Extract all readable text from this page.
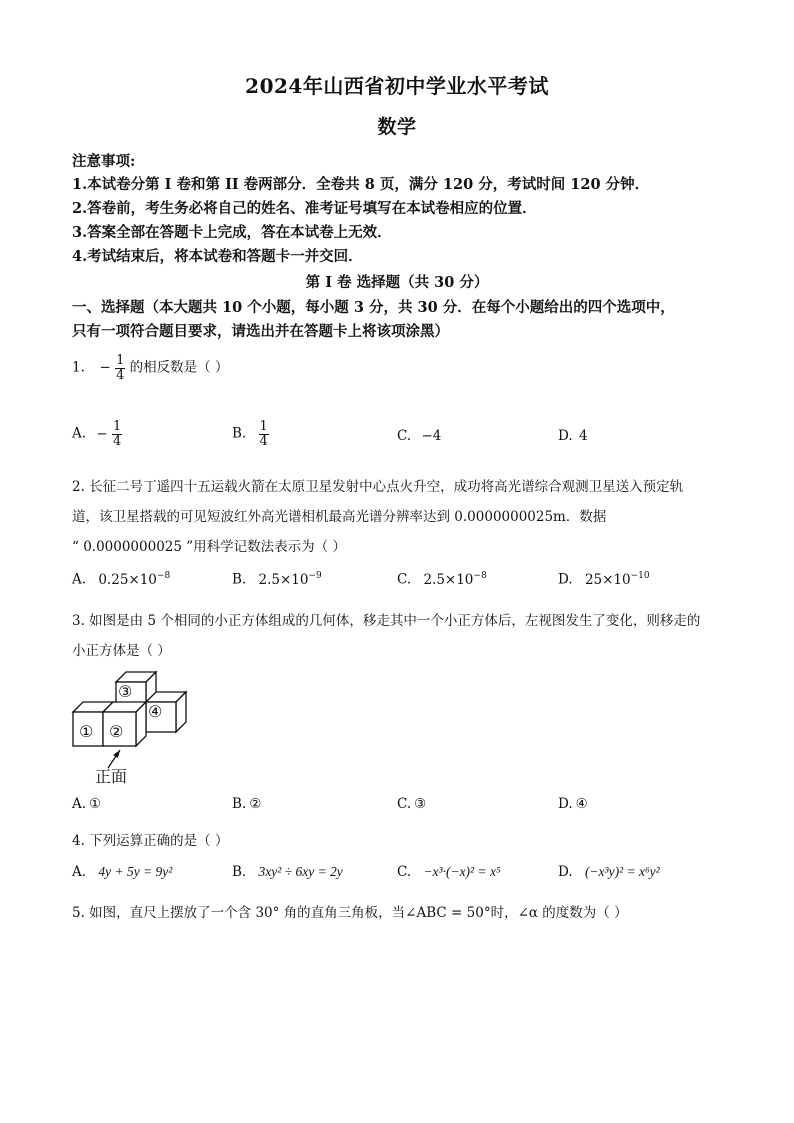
2024年山西省初中学业水平考试
数学
注意事项:
1.本试卷分第 I 卷和第 II 卷两部分．全卷共 8 页，满分 120 分，考试时间 120 分钟．
2.答卷前，考生务必将自己的姓名、准考证号填写在本试卷相应的位置．
3.答案全部在答题卡上完成，答在本试卷上无效．
4.考试结束后，将本试卷和答题卡一并交回．
第 I 卷 选择题（共 30 分）
一、选择题（本大题共 10 个小题，每小题 3 分，共 30 分．在每个小题给出的四个选项中，
只有一项符合题目要求，请选出并在答题卡上将该项涂黑）
1. − $\frac{1}{4}$ 的相反数是（ ）
A. − $\frac{1}{4}$	B. $\frac{1}{4}$	C. −4	D. 4
2. 长征二号丁遥四十五运载火箭在太原卫星发射中心点火升空，成功将高光谱综合观测卫星送入预定轨
道，该卫星搭载的可见短波红外高光谱相机最高光谱分辨率达到 0.0000000025m．数据
“ 0.0000000025 ”用科学记数法表示为（ ）
A. $0.25\times 10^{-8}$	B. $2.5\times 10^{-9}$	C. $2.5\times 10^{-8}$	D. $25\times 10^{-10}$
3. 如图是由 5 个相同的小正方体组成的几何体，移走其中一个小正方体后，左视图发生了变化，则移走的
小正方体是（ ）
③
④
① ②
正面
A. ①	B. ②	C. ③	D. ④
4. 下列运算正确的是（ ）
A. 4y + 5y = 9y²	B. 3xy² ÷ 6xy = 2y	C. −x³·(−x)² = x⁵	D. (−x³y)² = x⁶y²
5. 如图，直尺上摆放了一个含 30° 角的直角三角板，当∠ABC = 50°时，∠α 的度数为（ ）
